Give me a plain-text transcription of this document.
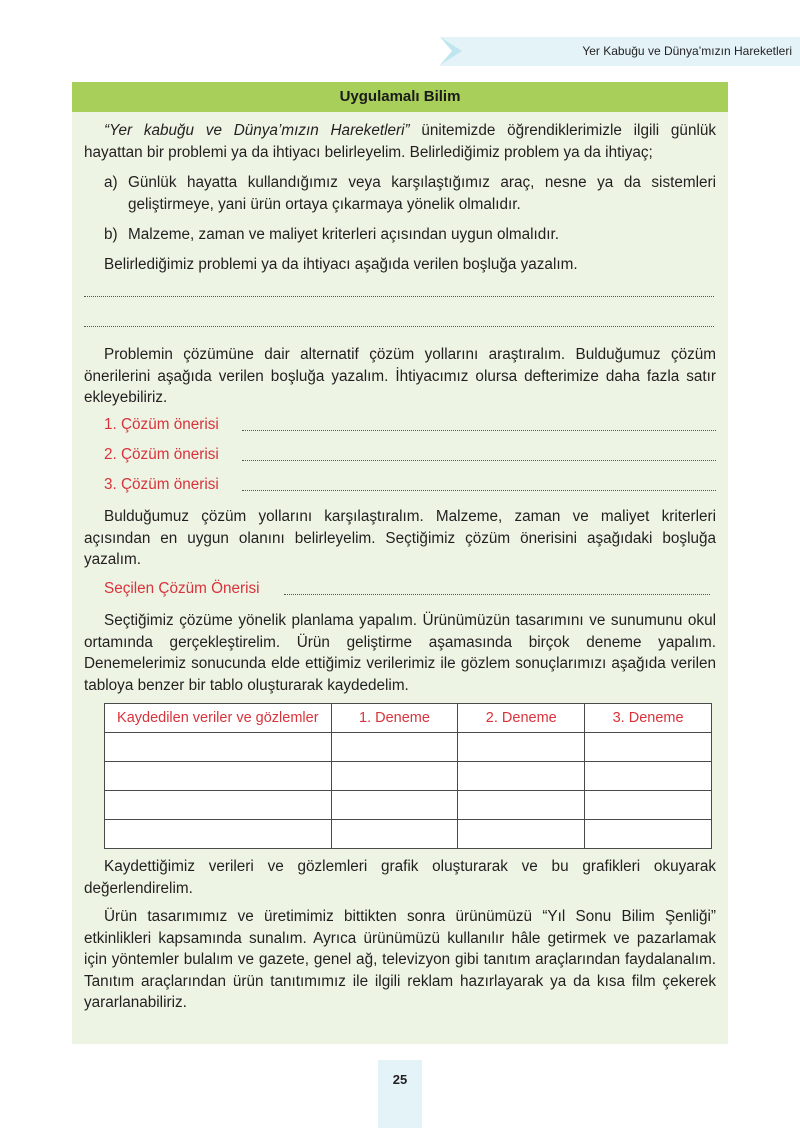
Yer Kabuğu ve Dünya’mızın Hareketleri
Uygulamalı Bilim
“Yer kabuğu ve Dünya’mızın Hareketleri” ünitemizde öğrendiklerimizle ilgili günlük hayattan bir problemi ya da ihtiyacı belirleyelim. Belirlediğimiz problem ya da ihtiyaç;
a) Günlük hayatta kullandığımız veya karşılaştığımız araç, nesne ya da sistemleri geliştirmeye, yani ürün ortaya çıkarmaya yönelik olmalıdır.
b) Malzeme, zaman ve maliyet kriterleri açısından uygun olmalıdır.
Belirlediğimiz problemi ya da ihtiyacı aşağıda verilen boşluğa yazalım.
Problemin çözümüne dair alternatif çözüm yollarını araştıralım. Bulduğumuz çözüm önerilerini aşağıda verilen boşluğa yazalım. İhtiyacımız olursa defterimize daha fazla satır ekleyebiliriz.
1. Çözüm önerisi
2. Çözüm önerisi
3. Çözüm önerisi
Bulduğumuz çözüm yollarını karşılaştıralım. Malzeme, zaman ve maliyet kriterleri açısından en uygun olanını belirleyelim. Seçtiğimiz çözüm önerisini aşağıdaki boşluğa yazalım.
Seçilen Çözüm Önerisi
Seçtiğimiz çözüme yönelik planlama yapalım. Ürünümüzün tasarımını ve sunumunu okul ortamında gerçekleştirelim. Ürün geliştirme aşamasında birçok deneme yapalım. Denemelerimiz sonucunda elde ettiğimiz verilerimiz ile gözlem sonuçlarımızı aşağıda verilen tabloya benzer bir tablo oluşturarak kaydedelim.
Kaydedilen veriler ve gözlemler	1. Deneme	2. Deneme	3. Deneme

Kaydettiğimiz verileri ve gözlemleri grafik oluşturarak ve bu grafikleri okuyarak değerlendirelim.
Ürün tasarımımız ve üretimimiz bittikten sonra ürünümüzü “Yıl Sonu Bilim Şenliği” etkinlikleri kapsamında sunalım. Ayrıca ürünümüzü kullanılır hâle getirmek ve pazarlamak için yöntemler bulalım ve gazete, genel ağ, televizyon gibi tanıtım araçlarından faydalanalım. Tanıtım araçlarından ürün tanıtımımız ile ilgili reklam hazırlayarak ya da kısa film çekerek yararlanabiliriz.
25
